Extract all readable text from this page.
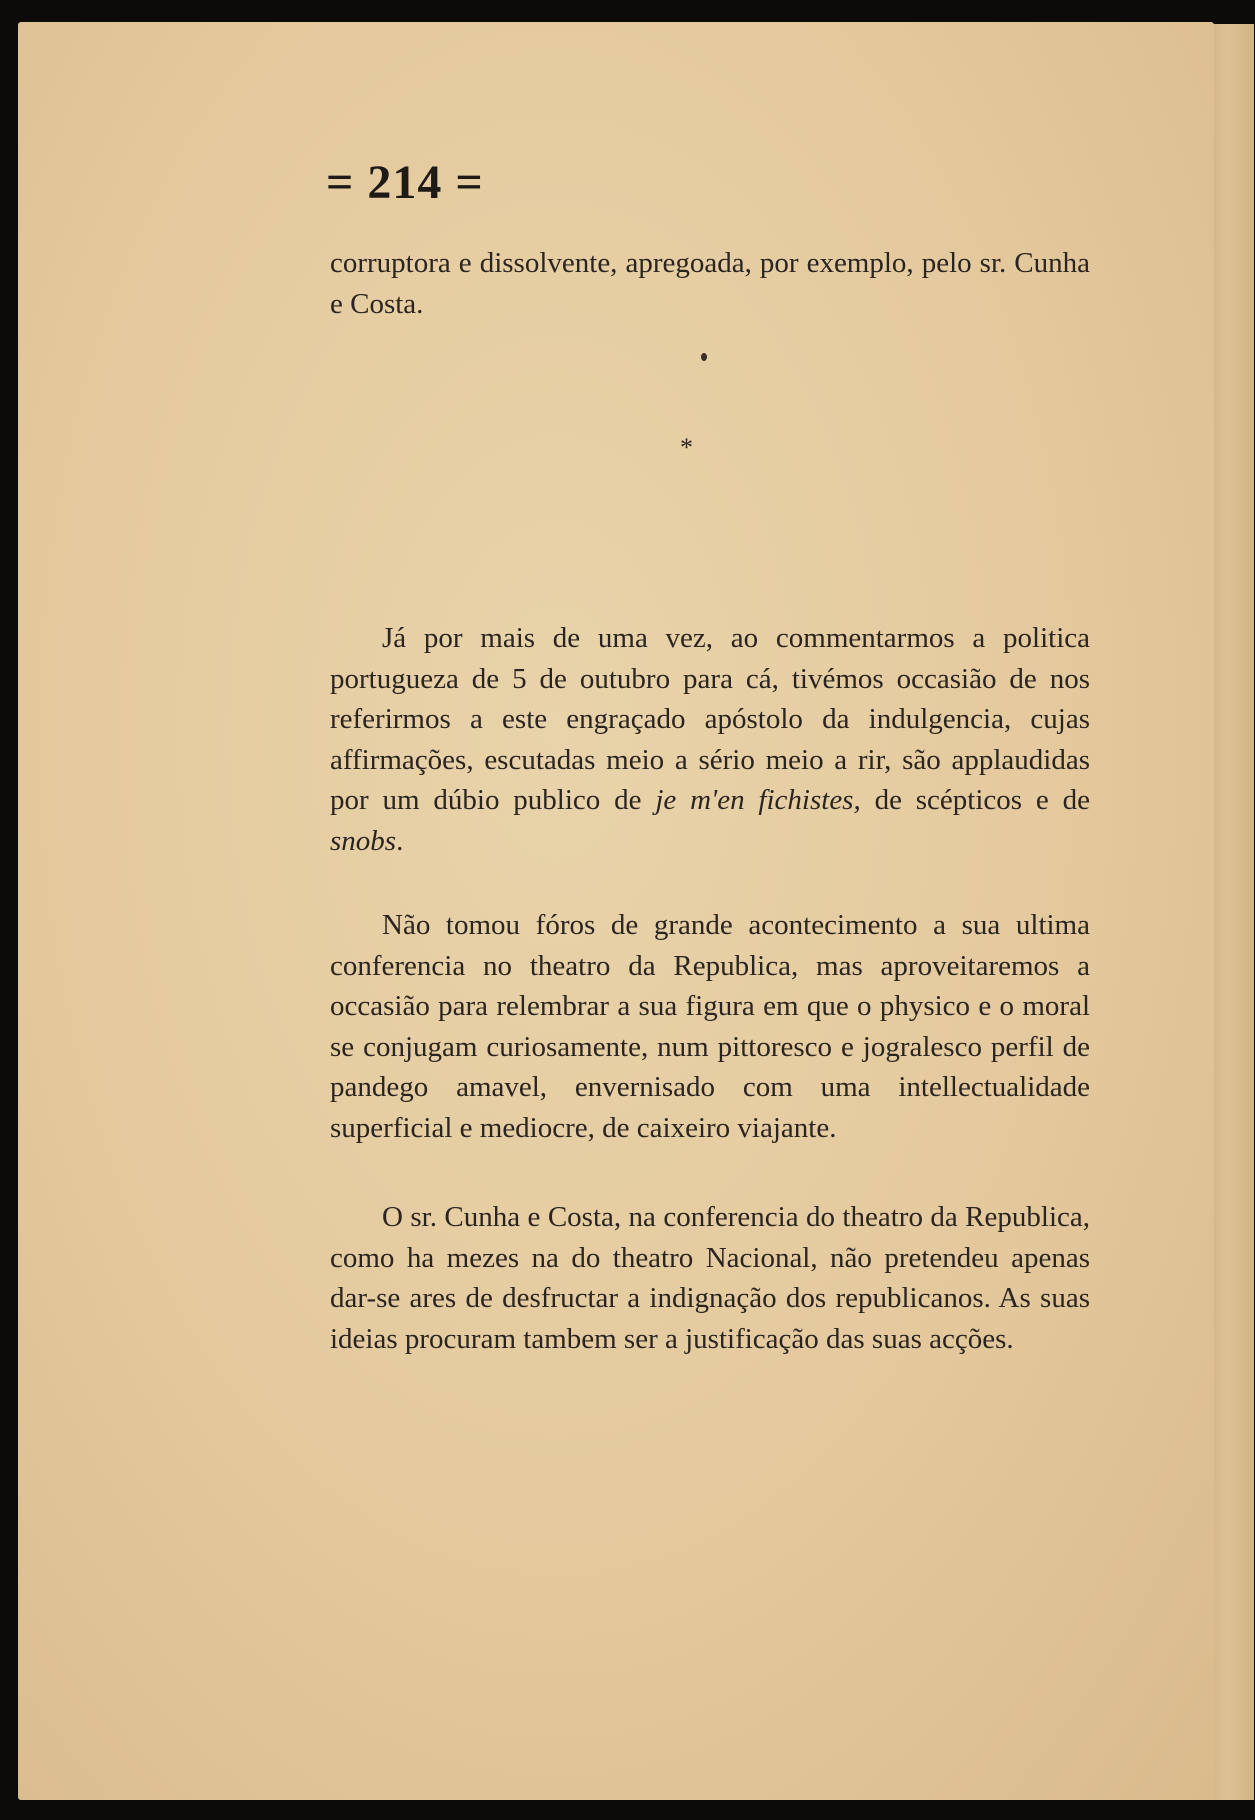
= 214 =
corruptora e dissolvente, apregoada, por exemplo, pelo sr. Cunha e Costa.
*
Já por mais de uma vez, ao commentarmos a politica portugueza de 5 de outubro para cá, tivémos occasião de nos referirmos a este engraçado apóstolo da indulgencia, cujas affirmações, escutadas meio a sério meio a rir, são applaudidas por um dúbio publico de je m'en fichistes, de scépticos e de snobs.
Não tomou fóros de grande acontecimento a sua ultima conferencia no theatro da Republica, mas aproveitaremos a occasião para relembrar a sua figura em que o physico e o moral se conjugam curiosamente, num pittoresco e jogralesco perfil de pandego amavel, envernisado com uma intellectualidade superficial e mediocre, de caixeiro viajante.
O sr. Cunha e Costa, na conferencia do theatro da Republica, como ha mezes na do theatro Nacional, não pretendeu apenas dar-se ares de desfructar a indignação dos republicanos. As suas ideias procuram tambem ser a justificação das suas acções.
